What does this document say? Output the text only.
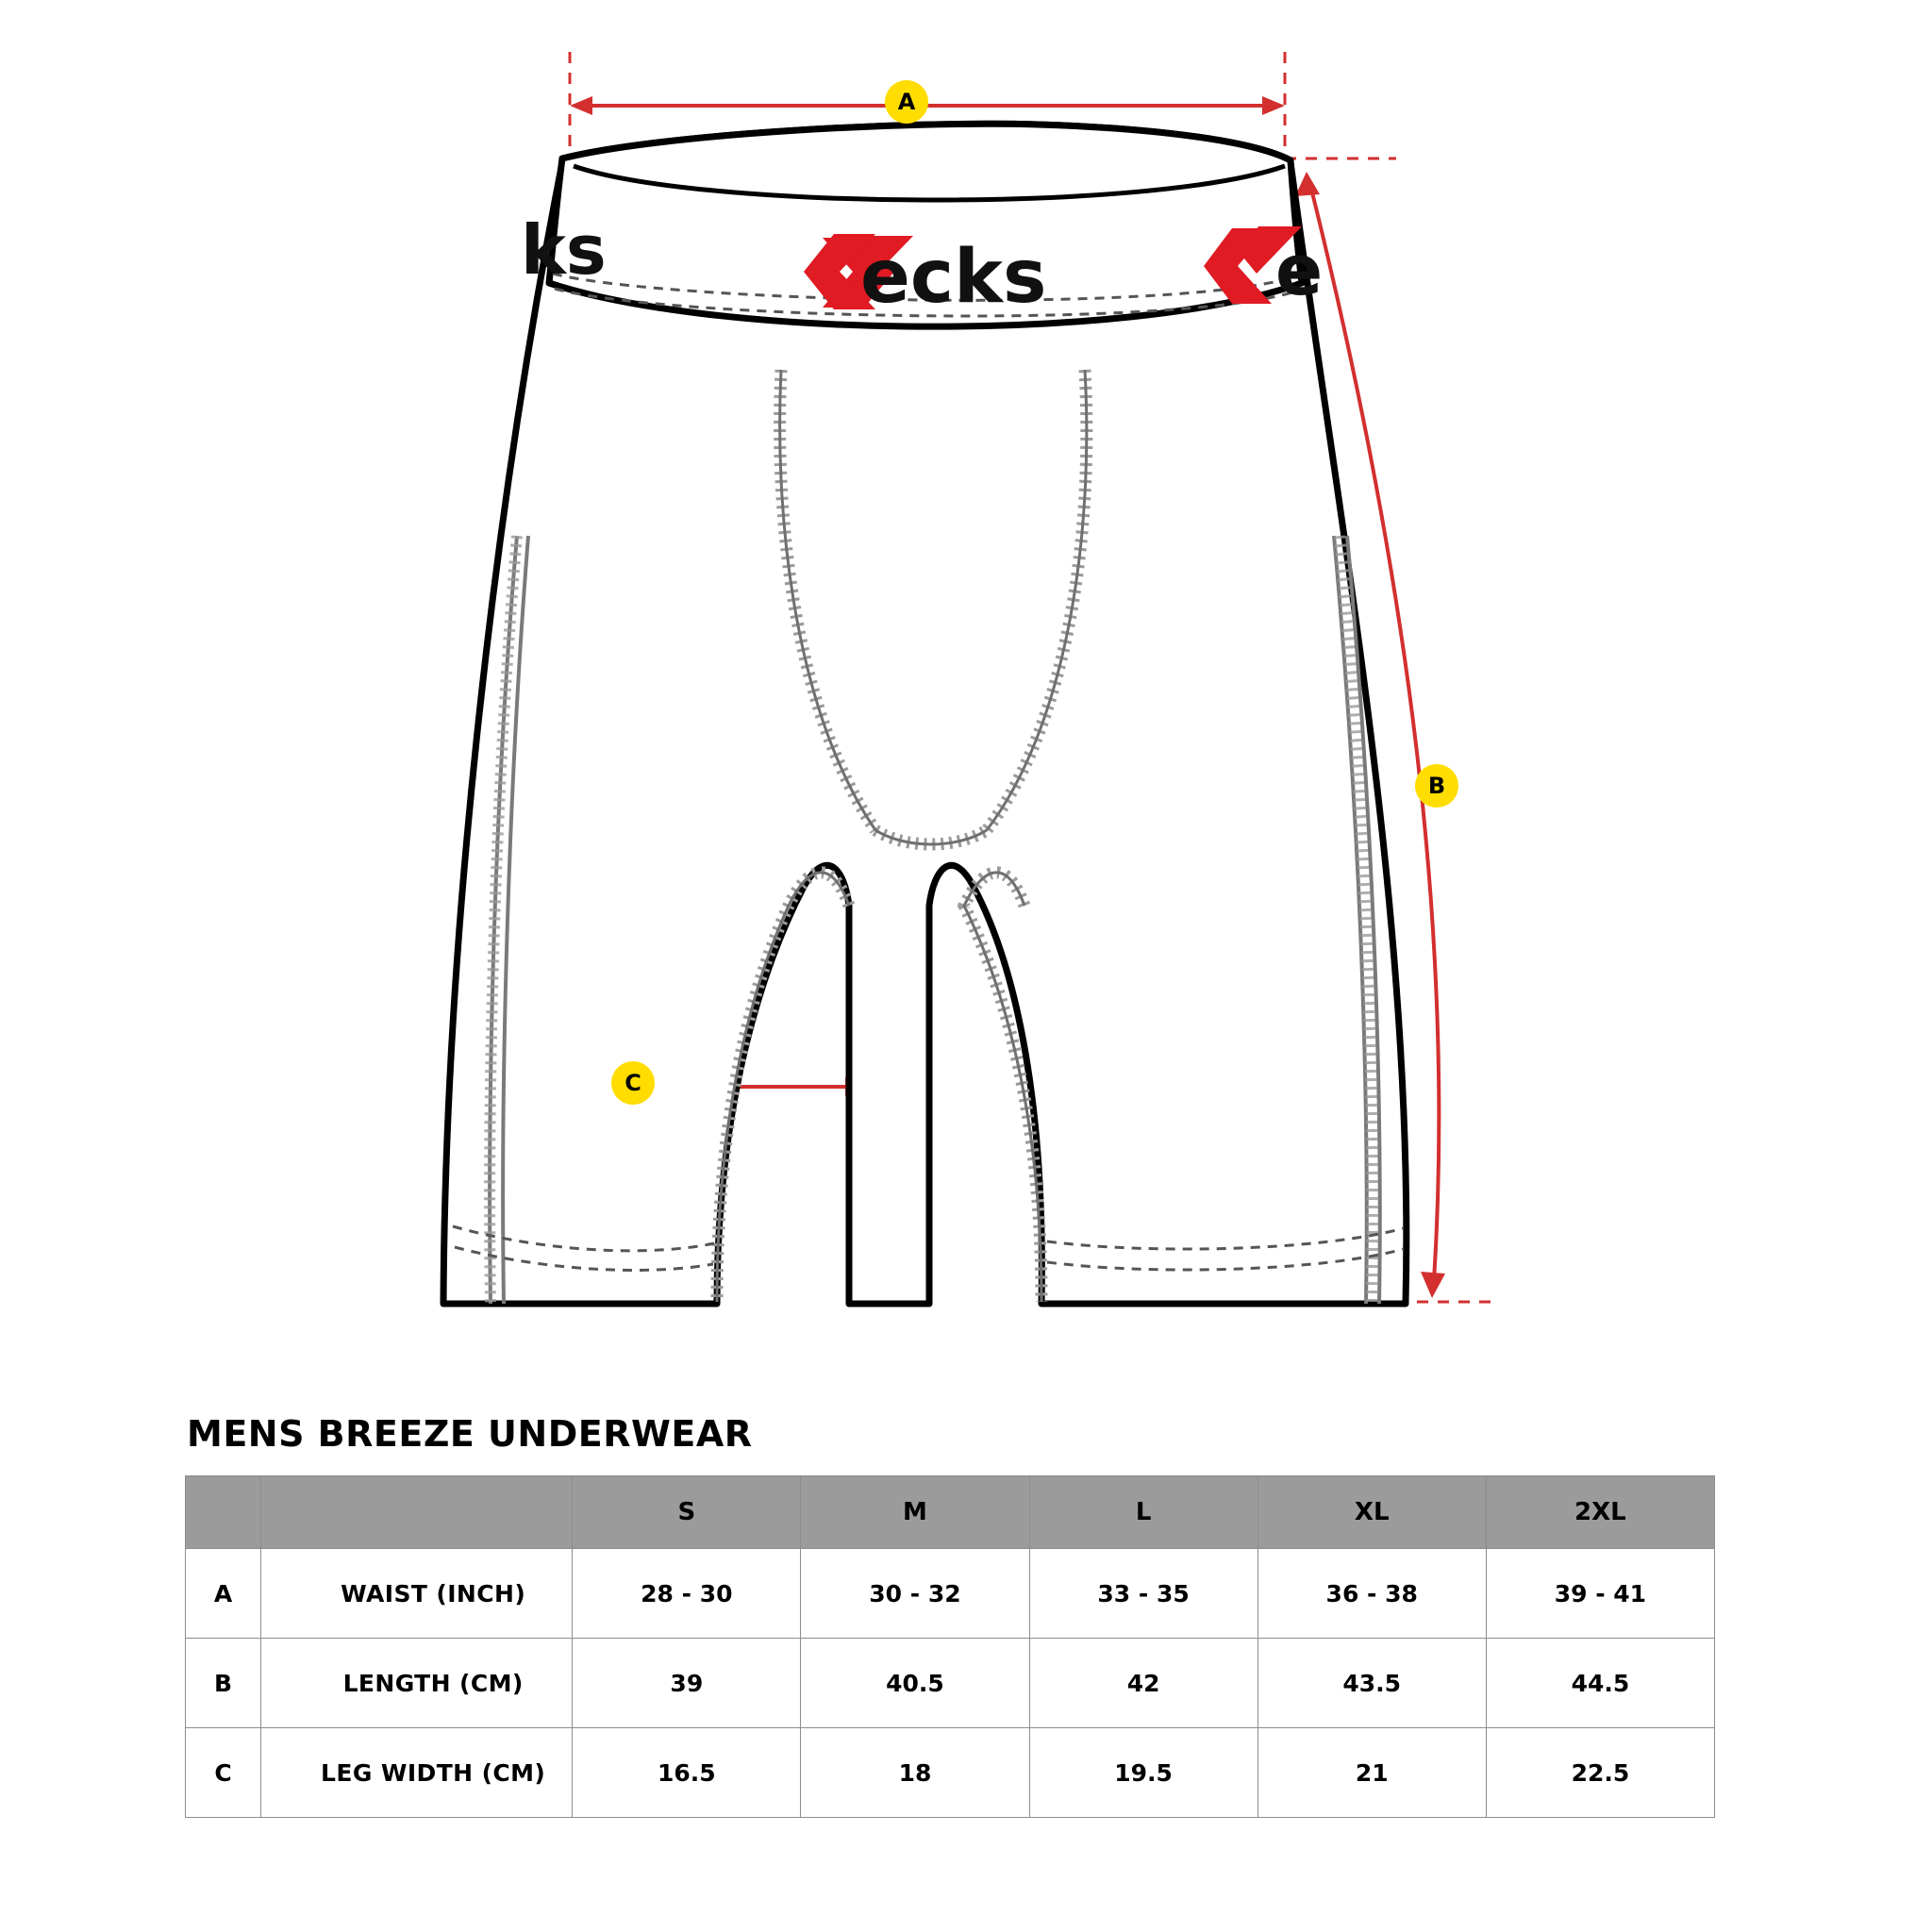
ks	ecks	e
A
B
C
MENS BREEZE UNDERWEAR
		S	M	L	XL	2XL
A	WAIST (INCH)	28 - 30	30 - 32	33 - 35	36 - 38	39 - 41
B	LENGTH (CM)	39	40.5	42	43.5	44.5
C	LEG WIDTH (CM)	16.5	18	19.5	21	22.5
